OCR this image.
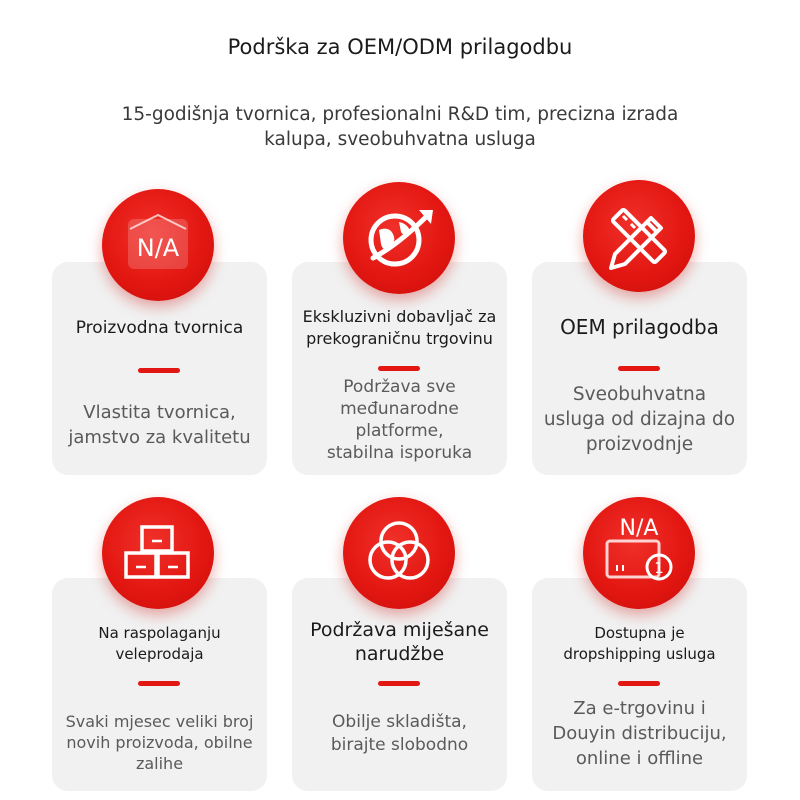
Podrška za OEM/ODM prilagodbu
15-godišnja tvornica, profesionalni R&D tim, precizna izrada kalupa, sveobuhvatna usluga
Proizvodna tvornica
Vlastita tvornica, jamstvo za kvalitetu
N/A
Ekskluzivni dobavljač za prekograničnu trgovinu
Podržava sve međunarodne platforme, stabilna isporuka
OEM prilagodba
Sveobuhvatna usluga od dizajna do proizvodnje
Na raspolaganju veleprodaja
Svaki mjesec veliki broj novih proizvoda, obilne zalihe
Podržava miješane narudžbe
Obilje skladišta, birajte slobodno
Dostupna je dropshipping usluga
Za e-trgovinu i Douyin distribuciju, online i offline
N/A
1
